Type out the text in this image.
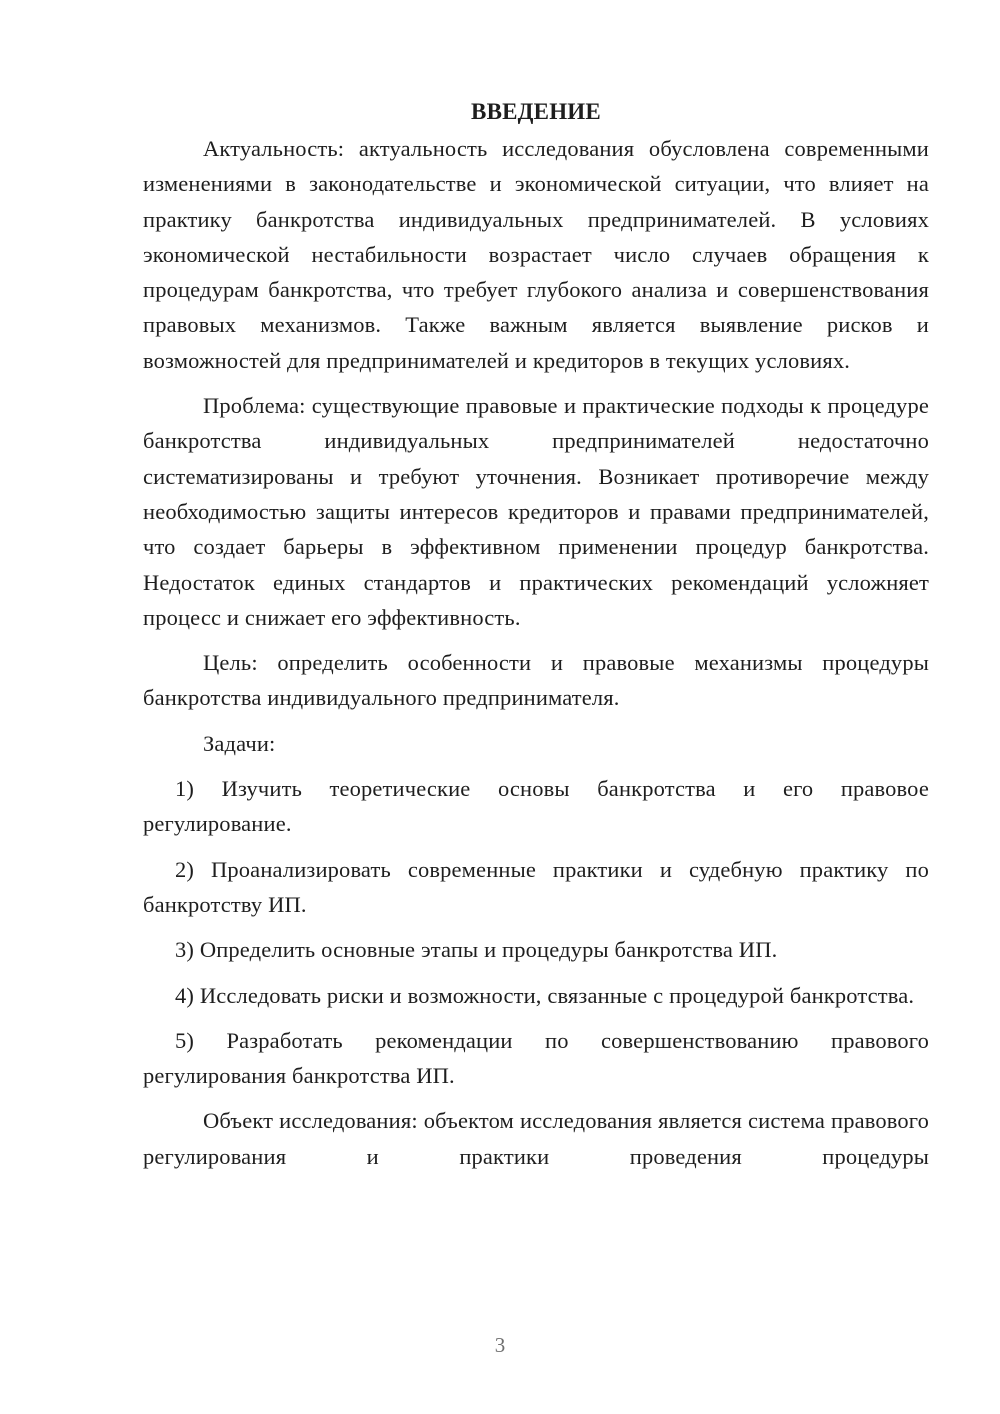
ВВЕДЕНИЕ

Актуальность: актуальность исследования обусловлена современными изменениями в законодательстве и экономической ситуации, что влияет на практику банкротства индивидуальных предпринимателей. В условиях экономической нестабильности возрастает число случаев обращения к процедурам банкротства, что требует глубокого анализа и совершенствования правовых механизмов. Также важным является выявление рисков и возможностей для предпринимателей и кредиторов в текущих условиях.

Проблема: существующие правовые и практические подходы к процедуре банкротства индивидуальных предпринимателей недостаточно систематизированы и требуют уточнения. Возникает противоречие между необходимостью защиты интересов кредиторов и правами предпринимателей, что создает барьеры в эффективном применении процедур банкротства. Недостаток единых стандартов и практических рекомендаций усложняет процесс и снижает его эффективность.

Цель: определить особенности и правовые механизмы процедуры банкротства индивидуального предпринимателя.

Задачи:

1) Изучить теоретические основы банкротства и его правовое регулирование.

2) Проанализировать современные практики и судебную практику по банкротству ИП.

3) Определить основные этапы и процедуры банкротства ИП.

4) Исследовать риски и возможности, связанные с процедурой банкротства.

5) Разработать рекомендации по совершенствованию правового регулирования банкротства ИП.

Объект исследования: объектом исследования является система правового регулирования и практики проведения процедуры

3
